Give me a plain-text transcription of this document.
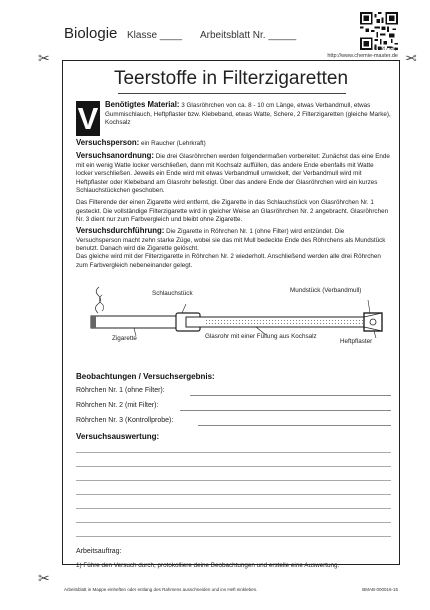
Biologie Klasse ____ Arbeitsblatt Nr. _____
© wt / ksp
http://www.chemie-master.de
✂	✂
✂
Teerstoffe in Filterzigaretten
V Benötigtes Material: 3 Glasröhrchen von ca. 8 - 10 cm Länge, etwas Verbandmull, etwas Gummischlauch, Heftpflaster bzw. Klebeband, etwas Watte, Schere, 2 Filterzigaretten (gleiche Marke), Kochsalz
Versuchsperson: ein Raucher (Lehrkraft)
Versuchsanordnung: Die drei Glasröhrchen werden folgendermaßen vorbereitet: Zunächst das eine Ende mit ein wenig Watte locker verschließen, dann mit Kochsalz auffüllen, das andere Ende ebenfalls mit Watte locker verschließen. Jeweils ein Ende wird mit etwas Verbandmull umwickelt, der Verbandmull wird mit Heftpflaster oder Klebeband am Glasrohr befestigt. Über das andere Ende der Glasröhrchen wird ein kurzes Schlauchstückchen geschoben.
Das Filterende der einen Zigarette wird entfernt, die Zigarette in das Schlauchstück von Glasröhrchen Nr. 1 gesteckt. Die vollständige Filterzigarette wird in gleicher Weise an Glasröhrchen Nr. 2 angebracht. Glasröhrchen Nr. 3 dient nur zum Farbvergleich und bleibt ohne Zigarette.
Versuchsdurchführung: Die Zigarette in Röhrchen Nr. 1 (ohne Filter) wird entzündet. Die Versuchsperson macht zehn starke Züge, wobei sie das mit Mull bedeckte Ende des Röhrchens als Mundstück benutzt. Danach wird die Zigarette gelöscht.
Das gleiche wird mit der Filterzigarette in Röhrchen Nr. 2 wiederholt. Anschließend werden alle drei Röhrchen zum Farbvergleich nebeneinander gelegt.
Mundstück (Verbandmull)
Schlauchstück
Zigarette	Glasrohr mit einer Füllung aus Kochsalz
Heftpflaster
Beobachtungen / Versuchsergebnis:
Röhrchen Nr. 1 (ohne Filter):
Röhrchen Nr. 2 (mit Filter):
Röhrchen Nr. 3 (Kontrollprobe):
Versuchsauswertung:
Arbeitsauftrag:
1) Führe den Versuch durch, protokolliere deine Beobachtungen und erstelle eine Auswertung.
Arbeitsblatt in Mappe einheften oder entlang des Rahmens ausschneiden und ins Heft einkleben.	BMAB-000016-15
